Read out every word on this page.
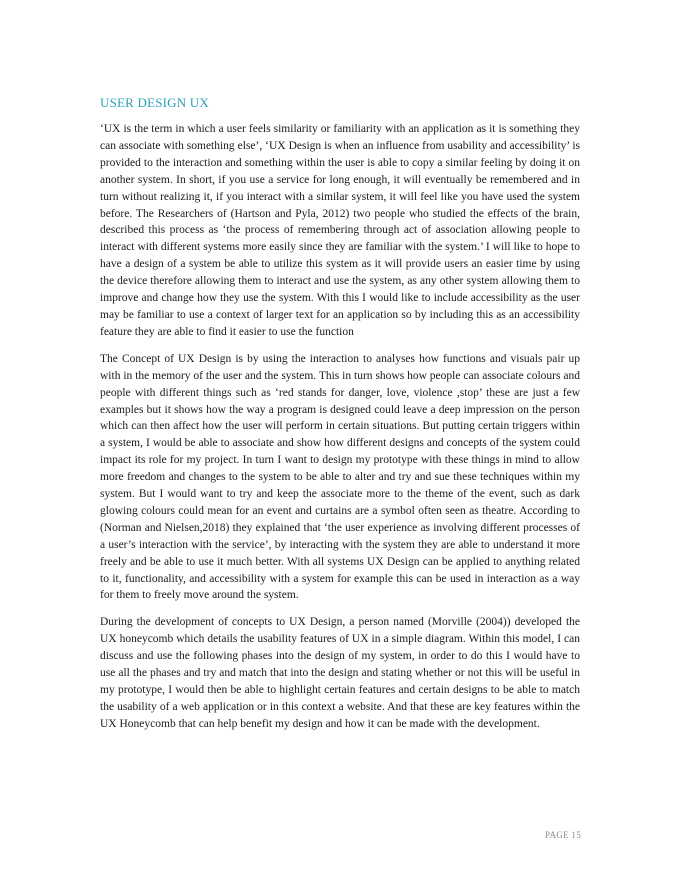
USER DESIGN UX

‘UX is the term in which a user feels similarity or familiarity with an application as it is something they can associate with something else’, ‘UX Design is when an influence from usability and accessibility’ is provided to the interaction and something within the user is able to copy a similar feeling by doing it on another system. In short, if you use a service for long enough, it will eventually be remembered and in turn without realizing it, if you interact with a similar system, it will feel like you have used the system before. The Researchers of (Hartson and Pyla, 2012) two people who studied the effects of the brain, described this process as ‘the process of remembering through act of association allowing people to interact with different systems more easily since they are familiar with the system.’ I will like to hope to have a design of a system be able to utilize this system as it will provide users an easier time by using the device therefore allowing them to interact and use the system, as any other system allowing them to improve and change how they use the system. With this I would like to include accessibility as the user may be familiar to use a context of larger text for an application so by including this as an accessibility feature they are able to find it easier to use the function

The Concept of UX Design is by using the interaction to analyses how functions and visuals pair up with in the memory of the user and the system. This in turn shows how people can associate colours and people with different things such as ‘red stands for danger, love, violence ,stop’ these are just a few examples but it shows how the way a program is designed could leave a deep impression on the person which can then affect how the user will perform in certain situations. But putting certain triggers within a system, I would be able to associate and show how different designs and concepts of the system could impact its role for my project. In turn I want to design my prototype with these things in mind to allow more freedom and changes to the system to be able to alter and try and sue these techniques within my system. But I would want to try and keep the associate more to the theme of the event, such as dark glowing colours could mean for an event and curtains are a symbol often seen as theatre. According to (Norman and Nielsen,2018) they explained that ‘the user experience as involving different processes of a user’s interaction with the service’, by interacting with the system they are able to understand it more freely and be able to use it much better. With all systems UX Design can be applied to anything related to it, functionality, and accessibility with a system for example this can be used in interaction as a way for them to freely move around the system.

During the development of concepts to UX Design, a person named (Morville (2004)) developed the UX honeycomb which details the usability features of UX in a simple diagram. Within this model, I can discuss and use the following phases into the design of my system, in order to do this I would have to use all the phases and try and match that into the design and stating whether or not this will be useful in my prototype, I would then be able to highlight certain features and certain designs to be able to match the usability of a web application or in this context a website. And that these are key features within the UX Honeycomb that can help benefit my design and how it can be made with the development.

PAGE 15
